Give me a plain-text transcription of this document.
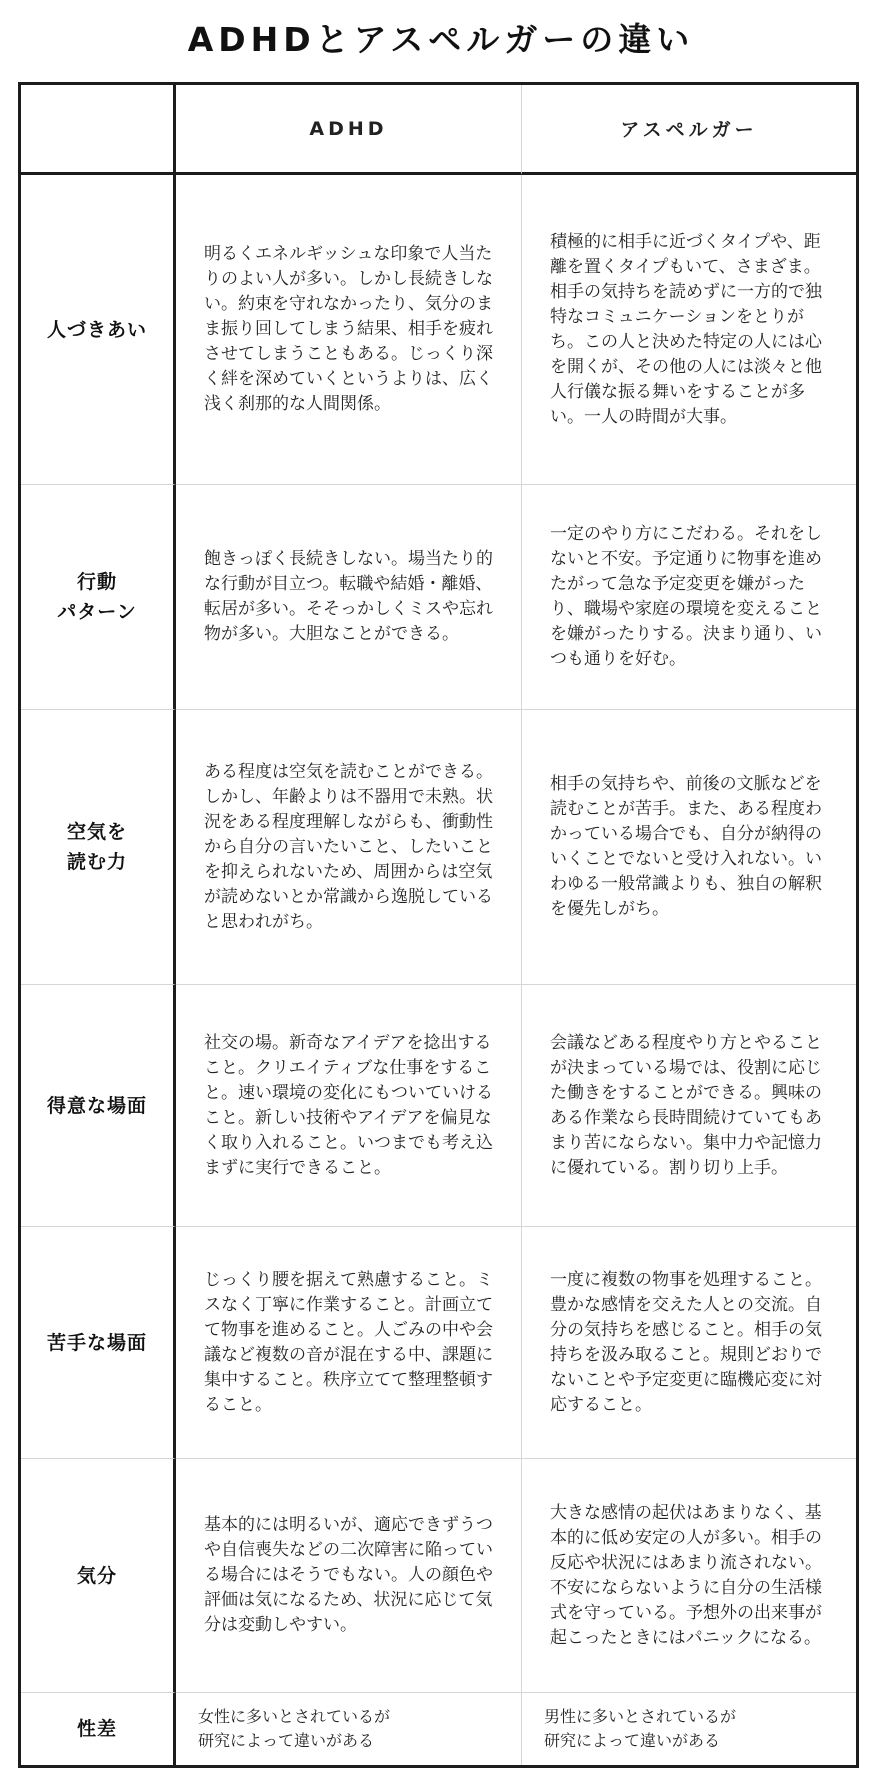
ADHDとアスペルガーの違い
ADHD	アスペルガー
人づきあい
明るくエネルギッシュな印象で人当たりのよい人が多い。しかし長続きしない。約束を守れなかったり、気分のまま振り回してしまう結果、相手を疲れさせてしまうこともある。じっくり深く絆を深めていくというよりは、広く浅く刹那的な人間関係。
積極的に相手に近づくタイプや、距離を置くタイプもいて、さまざま。相手の気持ちを読めずに一方的で独特なコミュニケーションをとりがち。この人と決めた特定の人には心を開くが、その他の人には淡々と他人行儀な振る舞いをすることが多い。一人の時間が大事。
行動
パターン
飽きっぽく長続きしない。場当たり的な行動が目立つ。転職や結婚・離婚、転居が多い。そそっかしくミスや忘れ物が多い。大胆なことができる。
一定のやり方にこだわる。それをしないと不安。予定通りに物事を進めたがって急な予定変更を嫌がったり、職場や家庭の環境を変えることを嫌がったりする。決まり通り、いつも通りを好む。
空気を
読む力
ある程度は空気を読むことができる。しかし、年齢よりは不器用で未熟。状況をある程度理解しながらも、衝動性から自分の言いたいこと、したいことを抑えられないため、周囲からは空気が読めないとか常識から逸脱していると思われがち。
相手の気持ちや、前後の文脈などを読むことが苦手。また、ある程度わかっている場合でも、自分が納得のいくことでないと受け入れない。いわゆる一般常識よりも、独自の解釈を優先しがち。
得意な場面
社交の場。新奇なアイデアを捻出すること。クリエイティブな仕事をすること。速い環境の変化にもついていけること。新しい技術やアイデアを偏見なく取り入れること。いつまでも考え込まずに実行できること。
会議などある程度やり方とやることが決まっている場では、役割に応じた働きをすることができる。興味のある作業なら長時間続けていてもあまり苦にならない。集中力や記憶力に優れている。割り切り上手。
苦手な場面
じっくり腰を据えて熟慮すること。ミスなく丁寧に作業すること。計画立てて物事を進めること。人ごみの中や会議など複数の音が混在する中、課題に集中すること。秩序立てて整理整頓すること。
一度に複数の物事を処理すること。豊かな感情を交えた人との交流。自分の気持ちを感じること。相手の気持ちを汲み取ること。規則どおりでないことや予定変更に臨機応変に対応すること。
気分
基本的には明るいが、適応できずうつや自信喪失などの二次障害に陥っている場合にはそうでもない。人の顔色や評価は気になるため、状況に応じて気分は変動しやすい。
大きな感情の起伏はあまりなく、基本的に低め安定の人が多い。相手の反応や状況にはあまり流されない。不安にならないように自分の生活様式を守っている。予想外の出来事が起こったときにはパニックになる。
性差
女性に多いとされているが
研究によって違いがある
男性に多いとされているが
研究によって違いがある
